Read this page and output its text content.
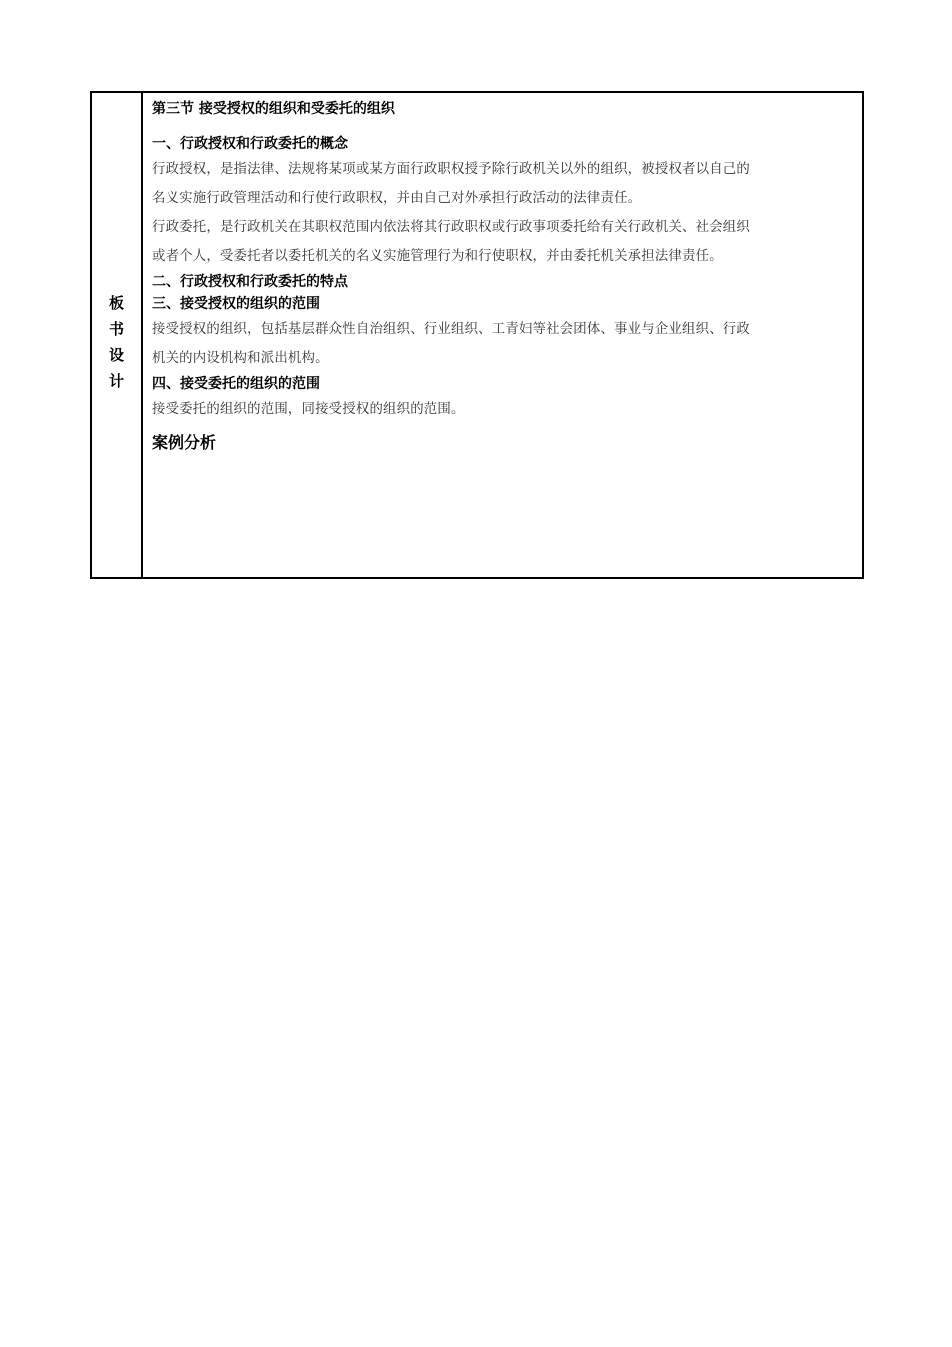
板
书
设
计
第三节 接受授权的组织和受委托的组织
一、行政授权和行政委托的概念
行政授权，是指法律、法规将某项或某方面行政职权授予除行政机关以外的组织，被授权者以自己的
名义实施行政管理活动和行使行政职权，并由自己对外承担行政活动的法律责任。
行政委托，是行政机关在其职权范围内依法将其行政职权或行政事项委托给有关行政机关、社会组织
或者个人，受委托者以委托机关的名义实施管理行为和行使职权，并由委托机关承担法律责任。
二、行政授权和行政委托的特点
三、接受授权的组织的范围
接受授权的组织，包括基层群众性自治组织、行业组织、工青妇等社会团体、事业与企业组织、行政
机关的内设机构和派出机构。
四、接受委托的组织的范围
接受委托的组织的范围，同接受授权的组织的范围。
案例分析
